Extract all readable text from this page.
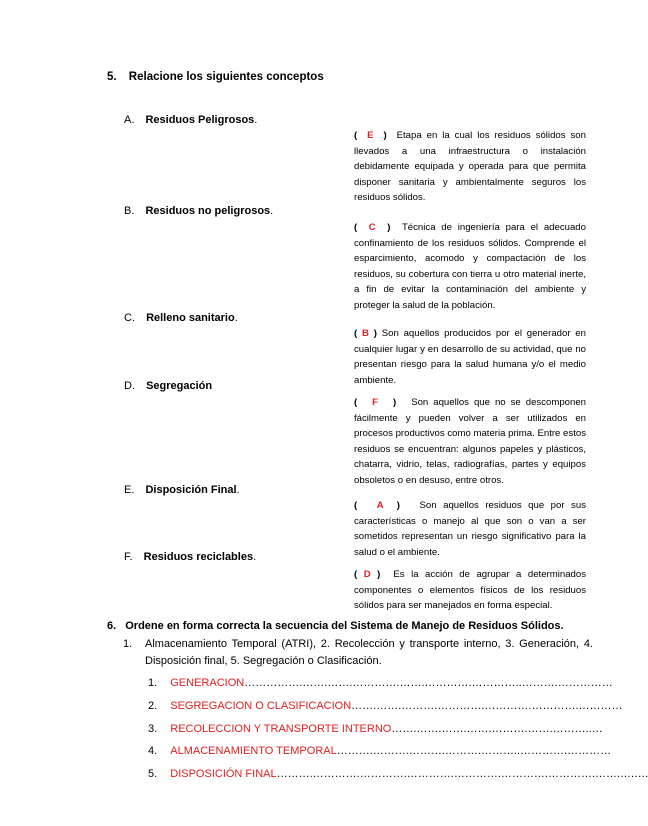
5. Relacione los siguientes conceptos
A. Residuos Peligrosos.
B. Residuos no peligrosos.
C. Relleno sanitario.
D. Segregación
E. Disposición Final.
F. Residuos reciclables.
( E ) Etapa en la cual los residuos sólidos son llevados a una infraestructura o instalación debidamente equipada y operada para que permita disponer sanitaria y ambientalmente seguros los residuos sólidos.
( C ) Técnica de ingeniería para el adecuado confinamiento de los residuos sólidos. Comprende el esparcimiento, acomodo y compactación de los residuos, su cobertura con tierra u otro material inerte, a fin de evitar la contaminación del ambiente y proteger la salud de la población.
( B ) Son aquellos producidos por el generador en cualquier lugar y en desarrollo de su actividad, que no presentan riesgo para la salud humana y/o el medio ambiente.
( F ) Son aquellos que no se descomponen fácilmente y pueden volver a ser utilizados en procesos productivos como materia prima. Entre estos residuos se encuentran: algunos papeles y plásticos, chatarra, vidrio, telas, radiografías, partes y equipos obsoletos o en desuso, entre otros.
( A ) Son aquellos residuos que por sus características o manejo al que son o van a ser sometidos representan un riesgo significativo para la salud o el ambiente.
( D ) Es la acción de agrupar a determinados componentes o elementos físicos de los residuos sólidos para ser manejados en forma especial.
6. Ordene en forma correcta la secuencia del Sistema de Manejo de Residuos Sólidos.
1. Almacenamiento Temporal (ATRI), 2. Recolección y transporte interno, 3. Generación, 4. Disposición final, 5. Segregación o Clasificación.
1. GENERACION…………….…….…….………….…….………….…………..……….……………
2. SEGREGACION O CLASIFICACION…….…….……….………….………….………….…………
3. RECOLECCION Y TRANSPORTE INTERNO…….…….…….…….……….…….………..…
4. ALMACENAMIENTO TEMPORAL……….……….……….……….………..………….…………
5. DISPOSICIÓN FINAL……….………….………….………….………….………….………….…….….….
